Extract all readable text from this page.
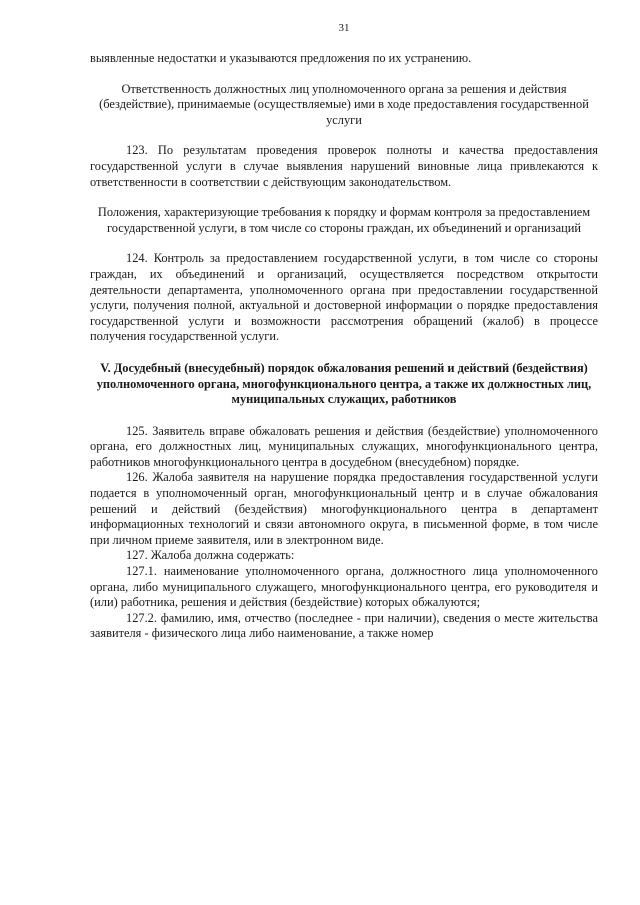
31

выявленные недостатки и указываются предложения по их устранению.

Ответственность должностных лиц уполномоченного органа за решения и действия (бездействие), принимаемые (осуществляемые) ими в ходе предоставления государственной услуги

123. По результатам проведения проверок полноты и качества предоставления государственной услуги в случае выявления нарушений виновные лица привлекаются к ответственности в соответствии с действующим законодательством.

Положения, характеризующие требования к порядку и формам контроля за предоставлением государственной услуги, в том числе со стороны граждан, их объединений и организаций

124. Контроль за предоставлением государственной услуги, в том числе со стороны граждан, их объединений и организаций, осуществляется посредством открытости деятельности департамента, уполномоченного органа при предоставлении государственной услуги, получения полной, актуальной и достоверной информации о порядке предоставления государственной услуги и возможности рассмотрения обращений (жалоб) в процессе получения государственной услуги.

V. Досудебный (внесудебный) порядок обжалования решений и действий (бездействия) уполномоченного органа, многофункционального центра, а также их должностных лиц, муниципальных служащих, работников

125. Заявитель вправе обжаловать решения и действия (бездействие) уполномоченного органа, его должностных лиц, муниципальных служащих, многофункционального центра, работников многофункционального центра в досудебном (внесудебном) порядке.

126. Жалоба заявителя на нарушение порядка предоставления государственной услуги подается в уполномоченный орган, многофункциональный центр и в случае обжалования решений и действий (бездействия) многофункционального центра в департамент информационных технологий и связи автономного округа, в письменной форме, в том числе при личном приеме заявителя, или в электронном виде.

127. Жалоба должна содержать:

127.1. наименование уполномоченного органа, должностного лица уполномоченного органа, либо муниципального служащего, многофункционального центра, его руководителя и (или) работника, решения и действия (бездействие) которых обжалуются;

127.2. фамилию, имя, отчество (последнее - при наличии), сведения о месте жительства заявителя - физического лица либо наименование, а также номер
